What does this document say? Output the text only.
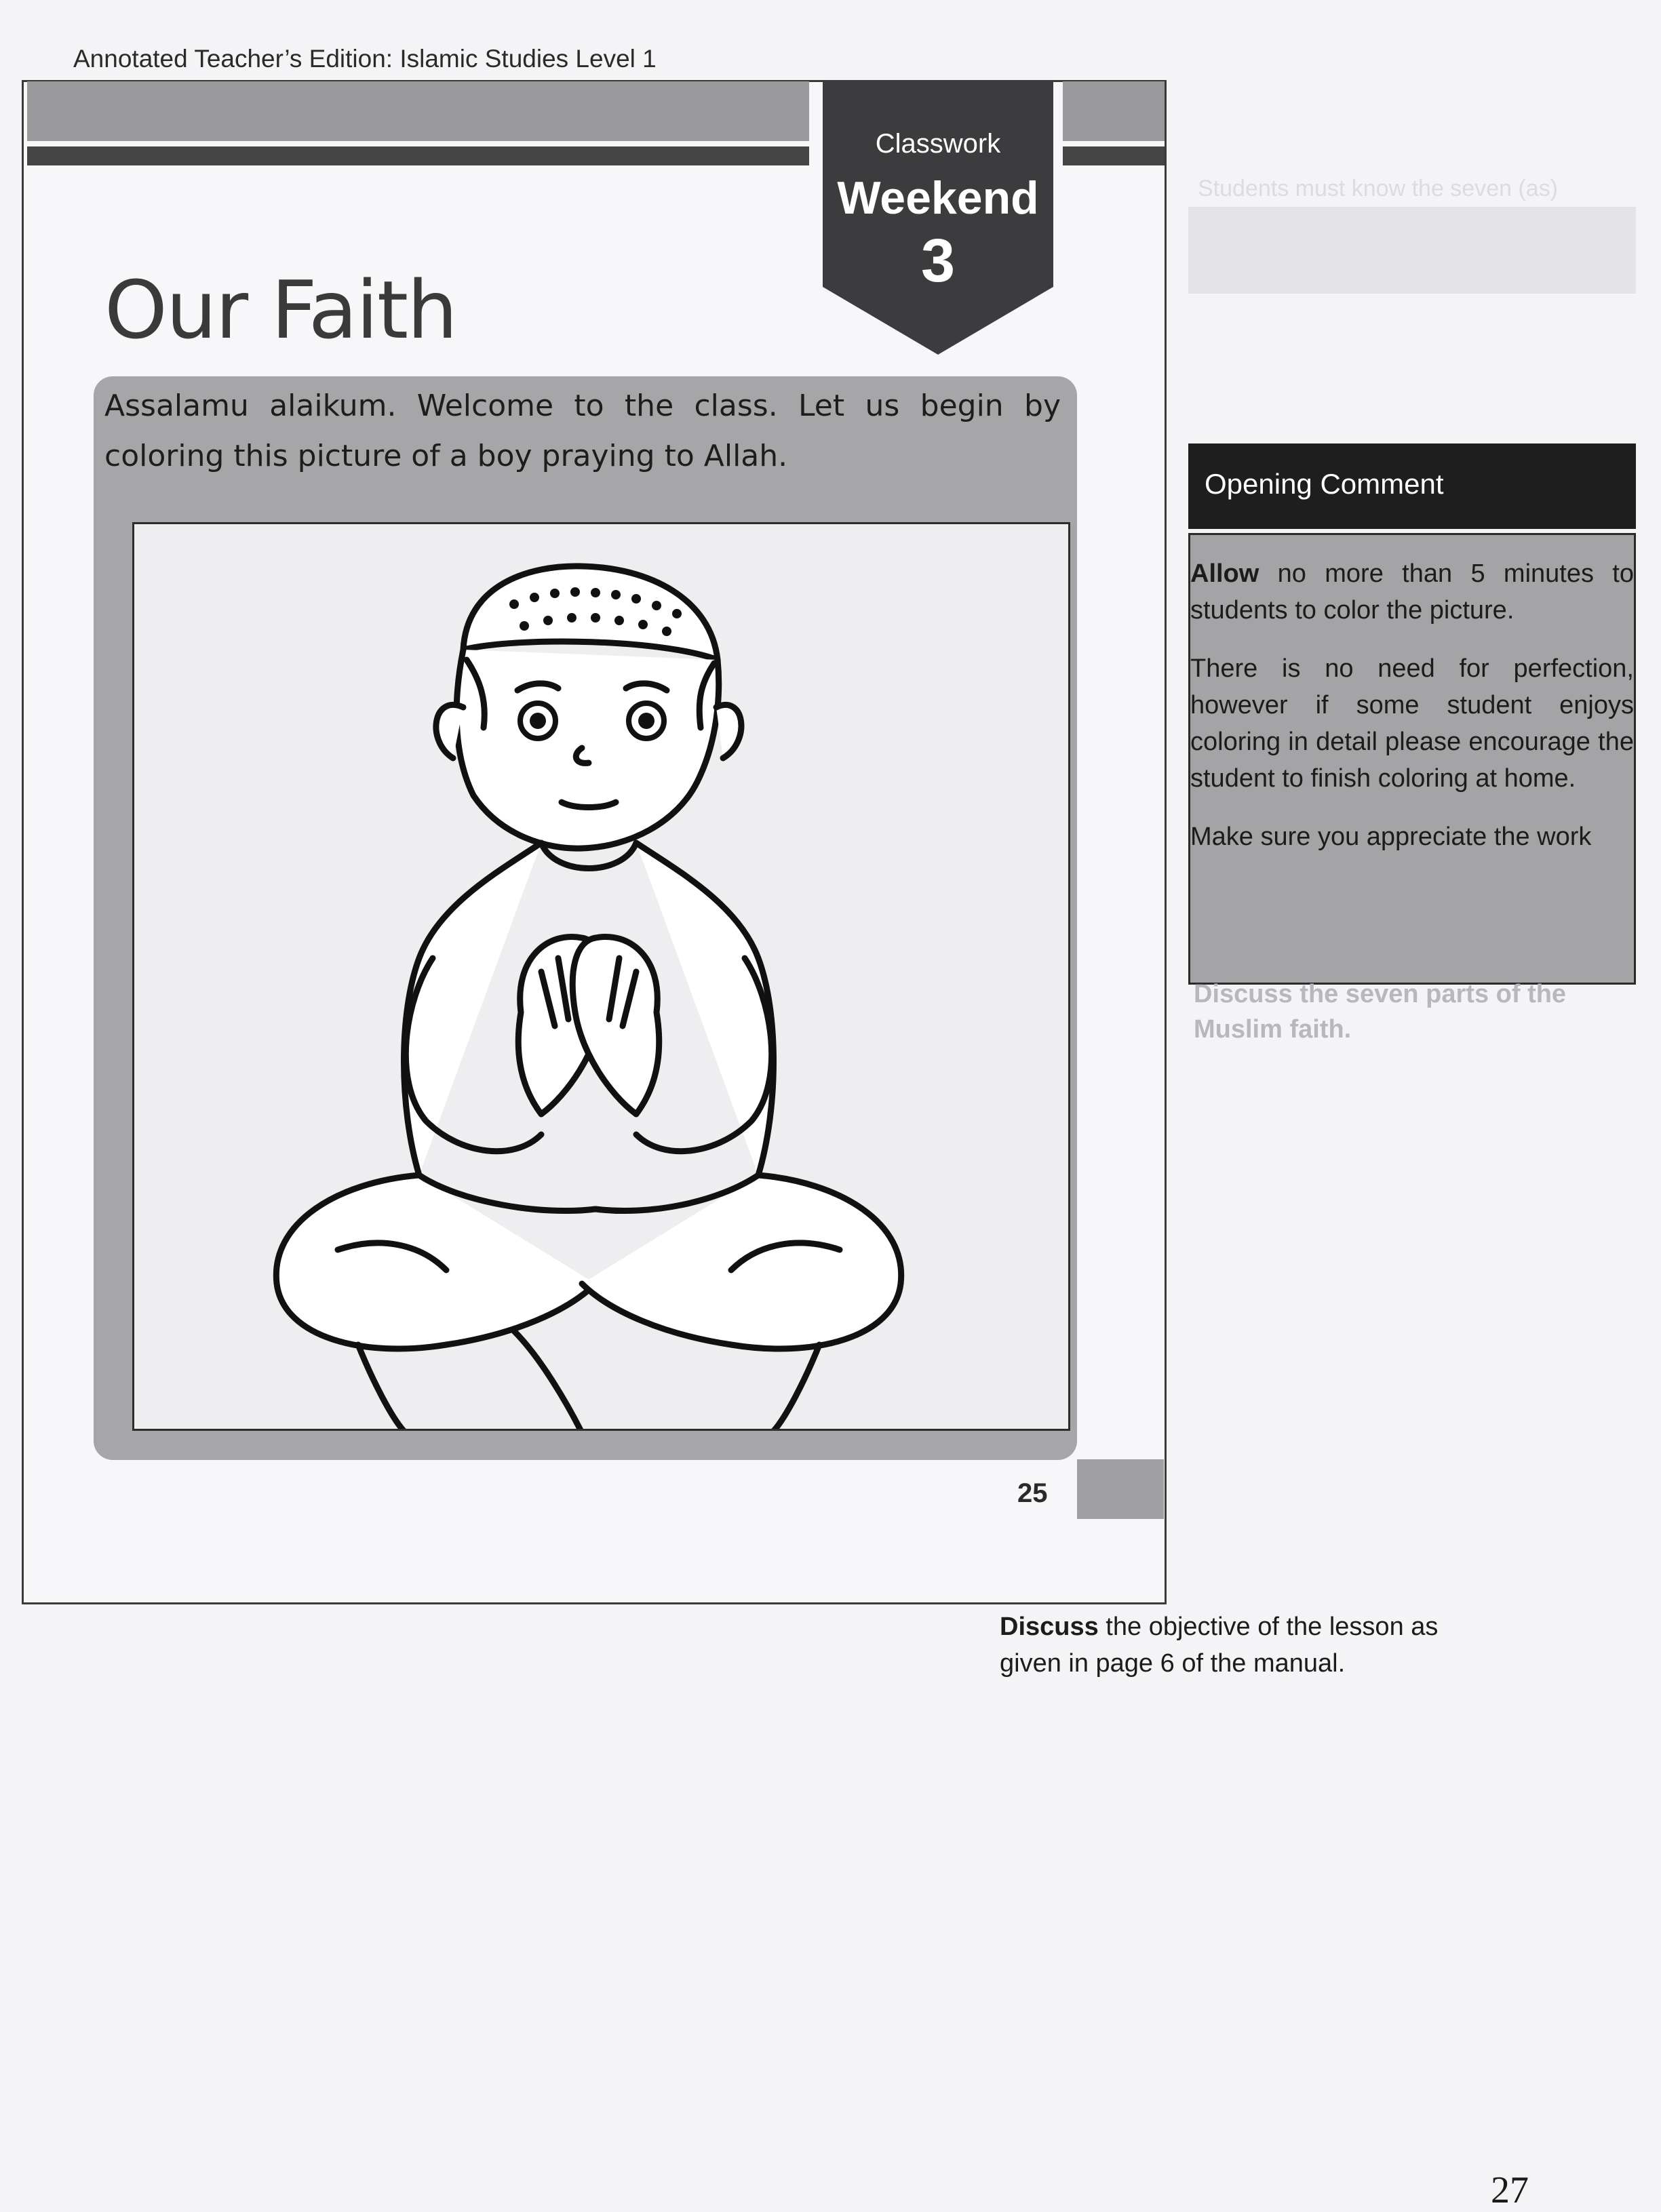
Annotated Teacher’s Edition: Islamic Studies Level 1
Students must know the seven (as)
Classwork
Weekend
3
Our Faith
Assalamu alaikum. Welcome to the class. Let us begin by coloring this picture of a boy praying to Allah.
25
Opening Comment

Allow no more than 5 minutes to students to color the picture.

There is no need for perfection, however if some student enjoys coloring in detail please encourage the student to finish coloring at home.

Make sure you appreciate the work

Discuss the seven parts of the Muslim faith.
Discuss the objective of the lesson as given in page 6 of the manual.
27
